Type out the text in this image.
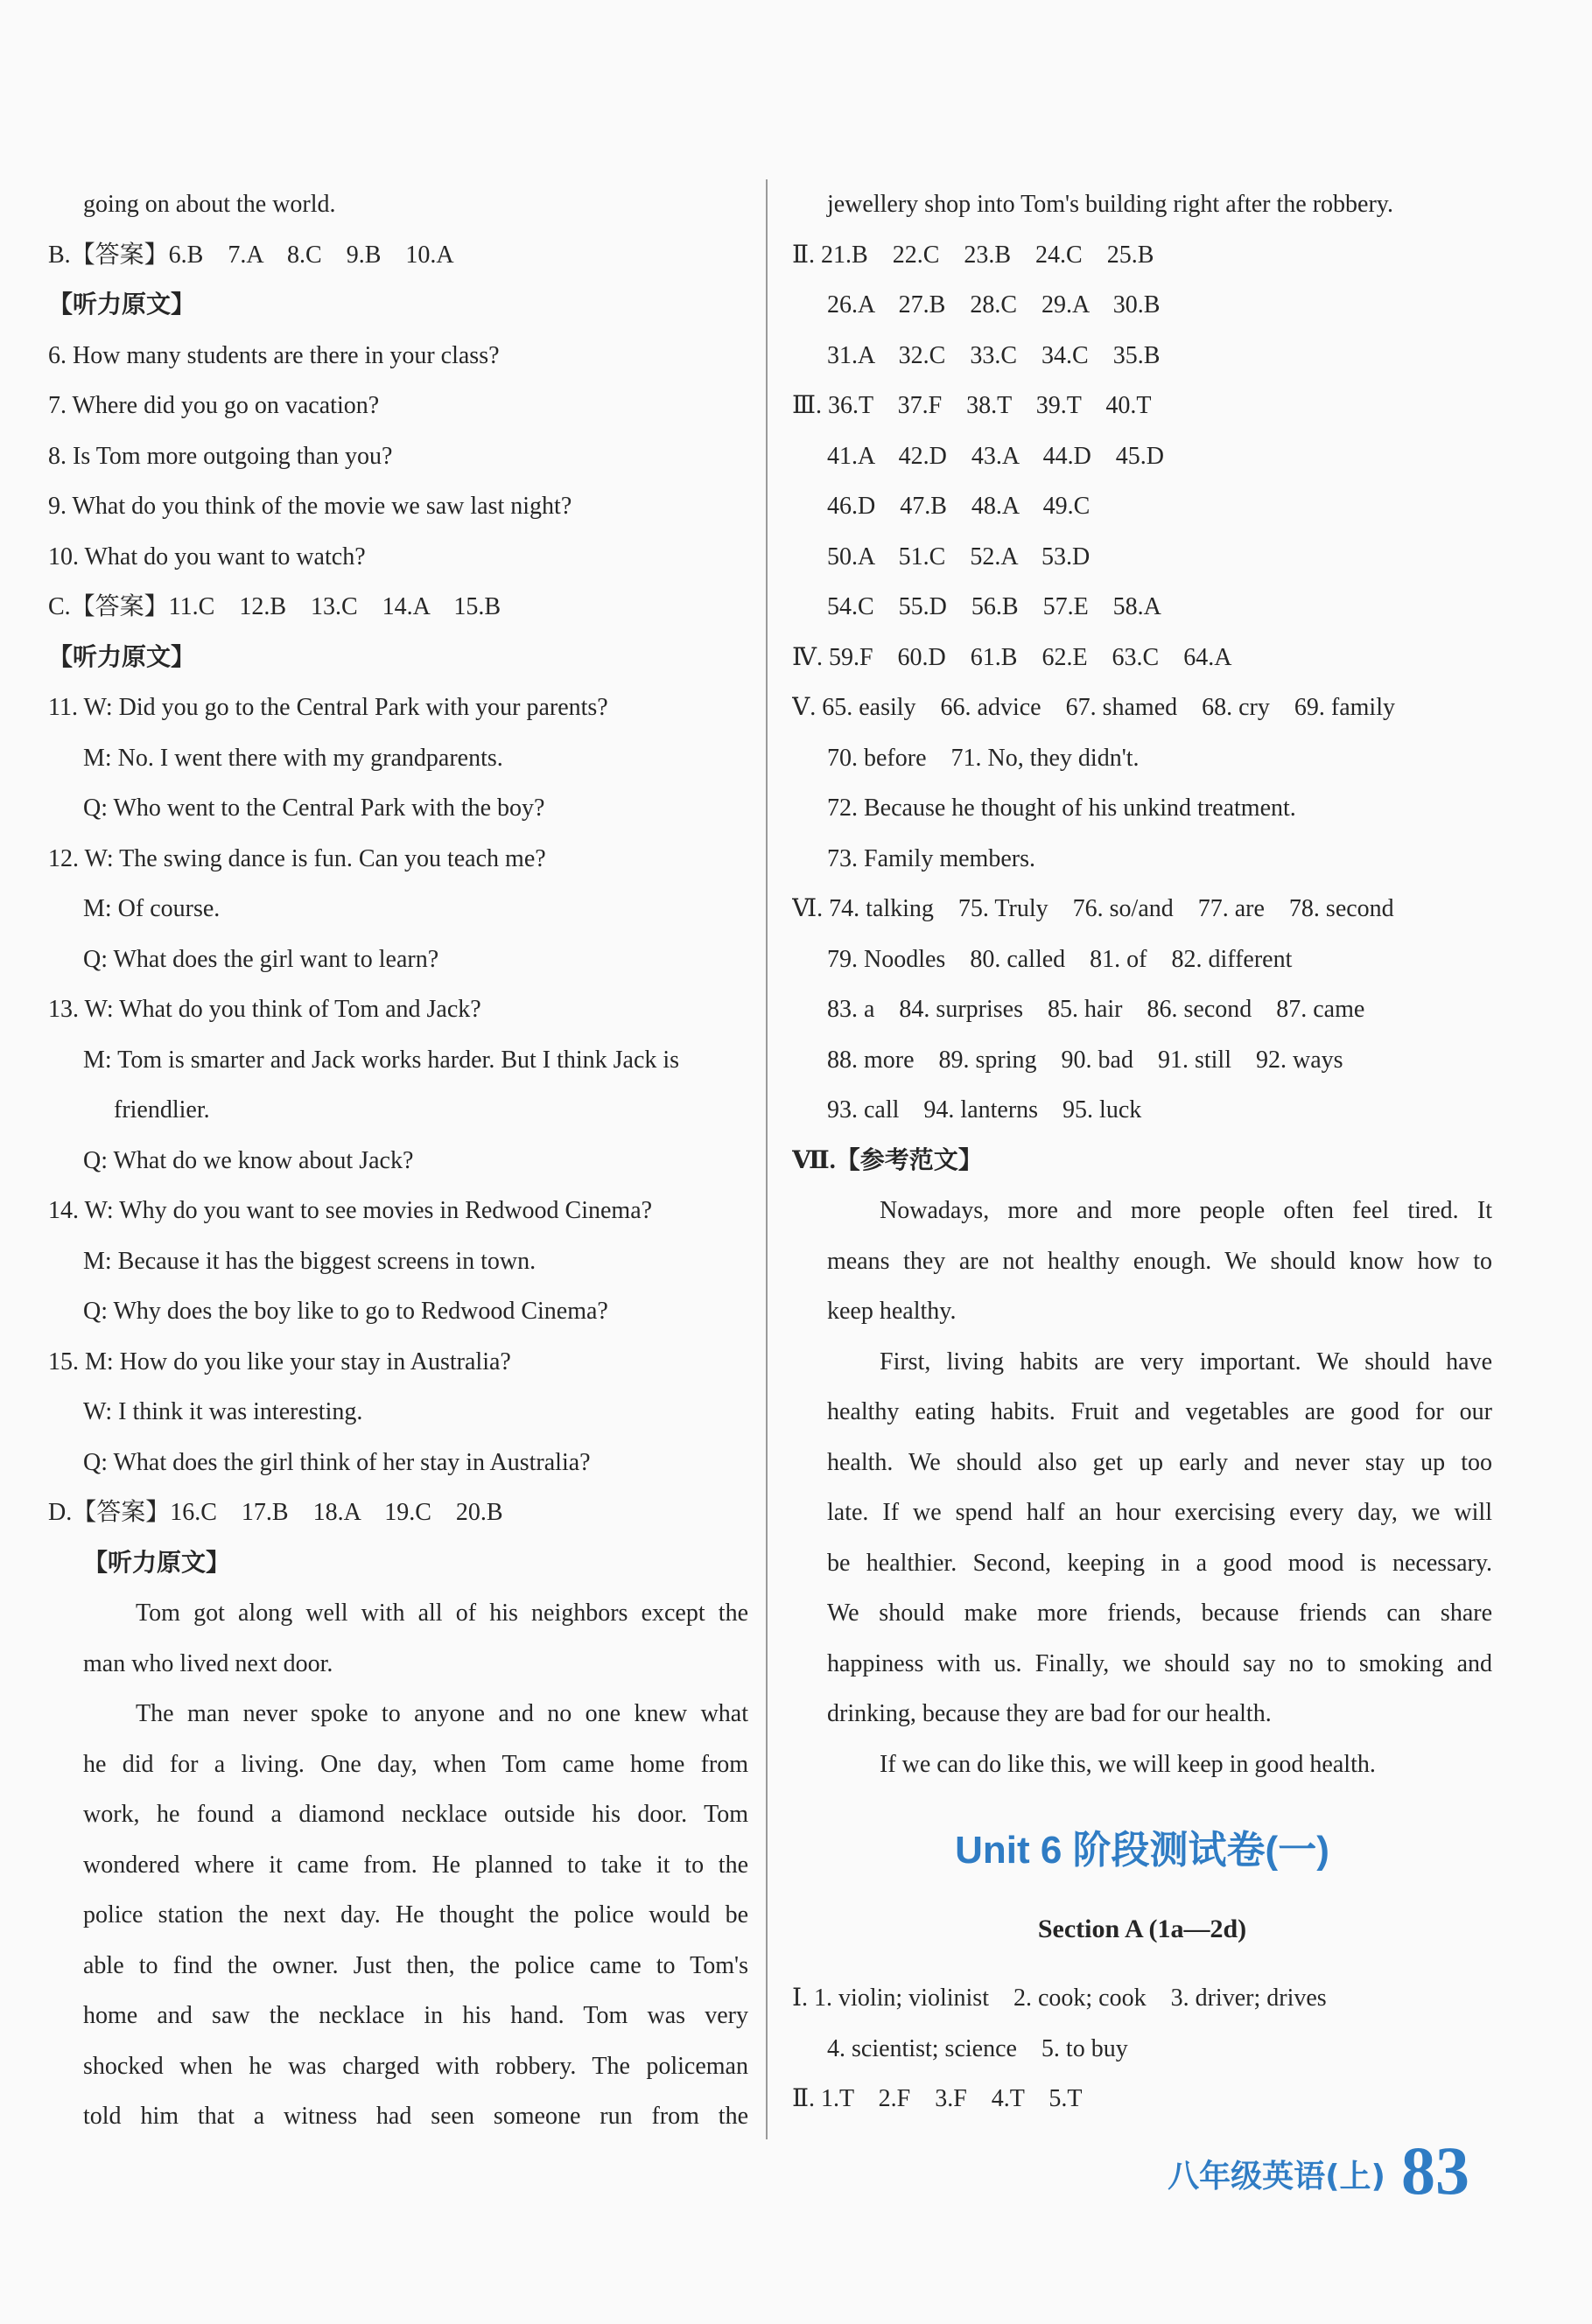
going on about the world.
B.【答案】6.B　7.A　8.C　9.B　10.A
【听力原文】
6. How many students are there in your class?
7. Where did you go on vacation?
8. Is Tom more outgoing than you?
9. What do you think of the movie we saw last night?
10. What do you want to watch?
C.【答案】11.C　12.B　13.C　14.A　15.B
【听力原文】
11. W: Did you go to the Central Park with your parents?
M: No. I went there with my grandparents.
Q: Who went to the Central Park with the boy?
12. W: The swing dance is fun. Can you teach me?
M: Of course.
Q: What does the girl want to learn?
13. W: What do you think of Tom and Jack?
M: Tom is smarter and Jack works harder. But I think Jack is
friendlier.
Q: What do we know about Jack?
14. W: Why do you want to see movies in Redwood Cinema?
M: Because it has the biggest screens in town.
Q: Why does the boy like to go to Redwood Cinema?
15. M: How do you like your stay in Australia?
W: I think it was interesting.
Q: What does the girl think of her stay in Australia?
D.【答案】16.C　17.B　18.A　19.C　20.B
【听力原文】
Tom got along well with all of his neighbors except the
man who lived next door.
The man never spoke to anyone and no one knew what
he did for a living. One day, when Tom came home from
work, he found a diamond necklace outside his door. Tom
wondered where it came from. He planned to take it to the
police station the next day. He thought the police would be
able to find the owner. Just then, the police came to Tom's
home and saw the necklace in his hand. Tom was very
shocked when he was charged with robbery. The policeman
told him that a witness had seen someone run from the
jewellery shop into Tom's building right after the robbery.
Ⅱ. 21.B　22.C　23.B　24.C　25.B
26.A　27.B　28.C　29.A　30.B
31.A　32.C　33.C　34.C　35.B
Ⅲ. 36.T　37.F　38.T　39.T　40.T
41.A　42.D　43.A　44.D　45.D
46.D　47.B　48.A　49.C
50.A　51.C　52.A　53.D
54.C　55.D　56.B　57.E　58.A
Ⅳ. 59.F　60.D　61.B　62.E　63.C　64.A
Ⅴ. 65. easily　66. advice　67. shamed　68. cry　69. family
70. before　71. No, they didn't.
72. Because he thought of his unkind treatment.
73. Family members.
Ⅵ. 74. talking　75. Truly　76. so/and　77. are　78. second
79. Noodles　80. called　81. of　82. different
83. a　84. surprises　85. hair　86. second　87. came
88. more　89. spring　90. bad　91. still　92. ways
93. call　94. lanterns　95. luck
Ⅶ.【参考范文】
Nowadays, more and more people often feel tired. It
means they are not healthy enough. We should know how to
keep healthy.
First, living habits are very important. We should have
healthy eating habits. Fruit and vegetables are good for our
health. We should also get up early and never stay up too
late. If we spend half an hour exercising every day, we will
be healthier. Second, keeping in a good mood is necessary.
We should make more friends, because friends can share
happiness with us. Finally, we should say no to smoking and
drinking, because they are bad for our health.
If we can do like this, we will keep in good health.
Unit 6 阶段测试卷(一)
Section A (1a—2d)
Ⅰ. 1. violin; violinist　2. cook; cook　3. driver; drives
4. scientist; science　5. to buy
Ⅱ. 1.T　2.F　3.F　4.T　5.T
八年级英语(上) 83
